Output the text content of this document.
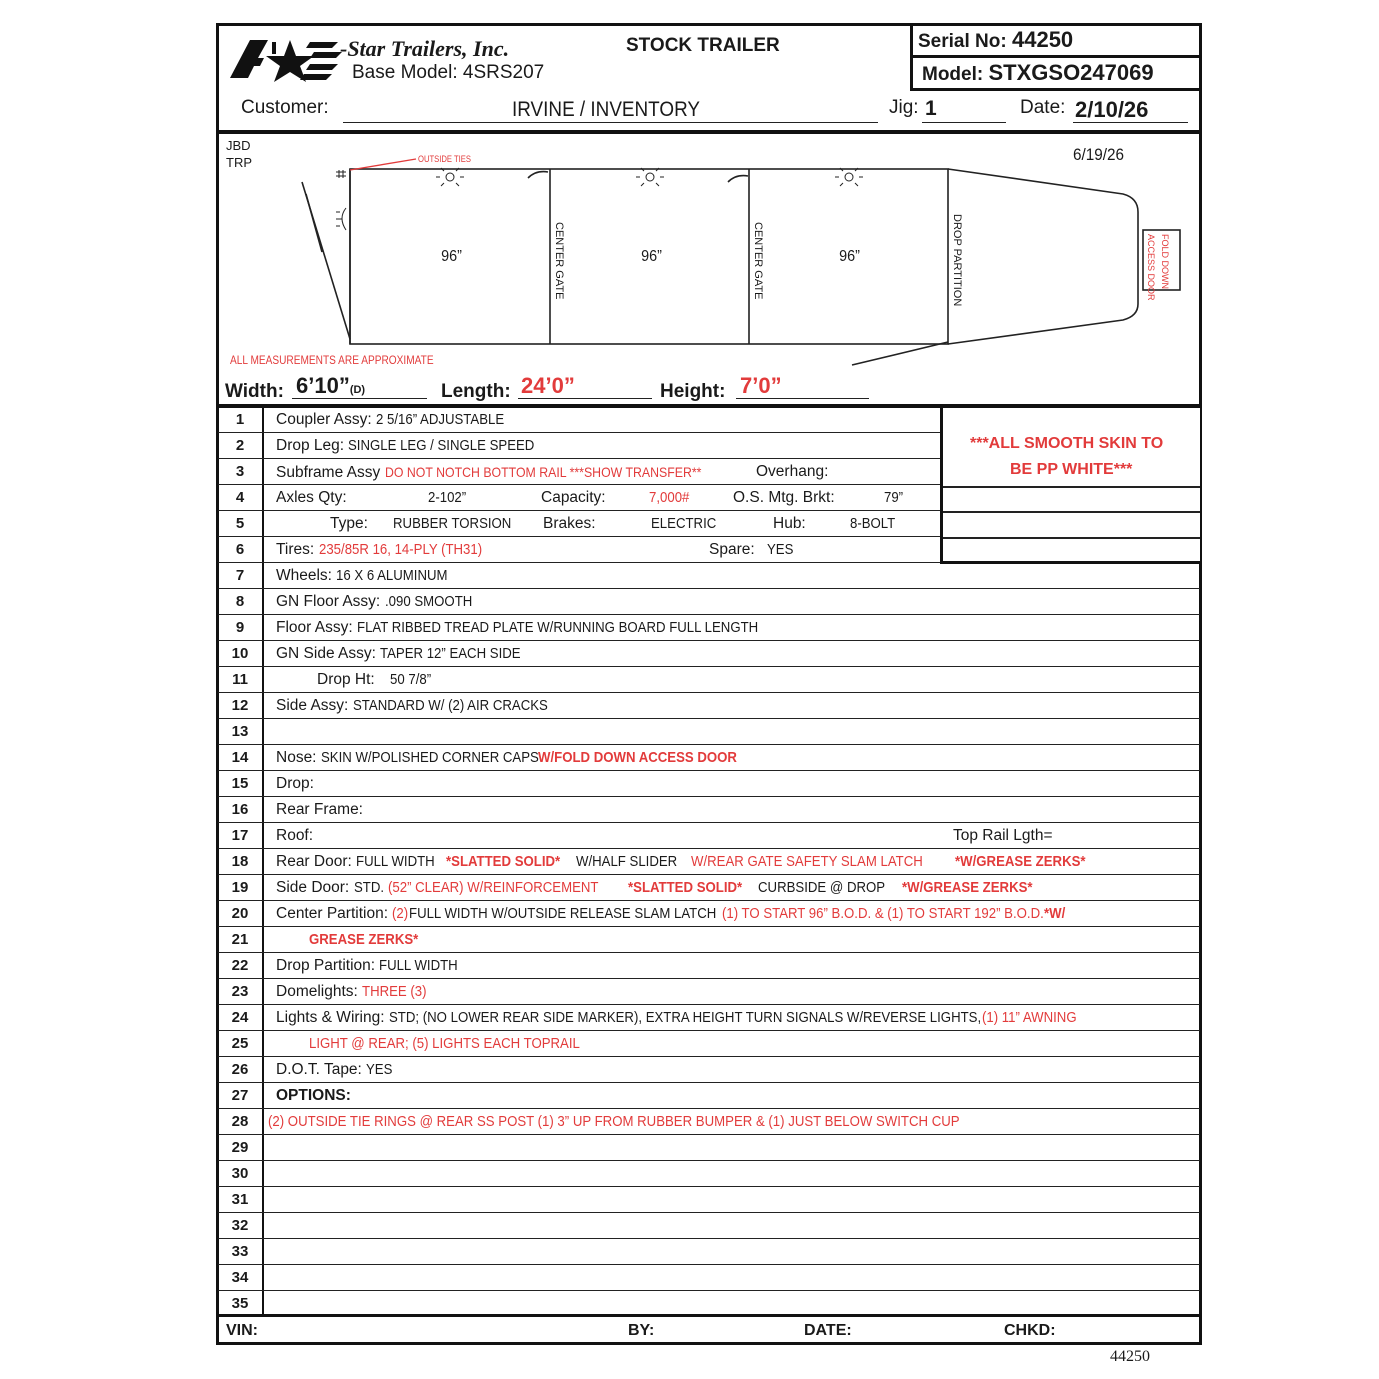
-Star Trailers, Inc.
Base Model: 4SRS207
STOCK TRAILER	Serial No: 44250
Model: STXGSO247069
Customer:	IRVINE / INVENTORY	Jig: 1	Date: 2/10/26
JBD
TRP	6/19/26
OUTSIDE TIES
96”	96”	96”
CENTER GATE	CENTER GATE	DROP PARTITION	FOLD DOWN
ACCESS DOOR
ALL MEASUREMENTS ARE APPROXIMATE
Width: 6’10”(D)	Length: 24’0”	Height: 7’0”
1	Coupler Assy: 2 5/16” ADJUSTABLE
2	Drop Leg: SINGLE LEG / SINGLE SPEED
3	Subframe Assy DO NOT NOTCH BOTTOM RAIL ***SHOW TRANSFER**	Overhang:
4	Axles Qty:	2-102”	Capacity:	7,000#	O.S. Mtg. Brkt:	79”
5	Type: RUBBER TORSION Brakes:	ELECTRIC	Hub:	8-BOLT
6	Tires: 235/85R 16, 14-PLY (TH31)	Spare: YES
7	Wheels: 16 X 6 ALUMINUM
8	GN Floor Assy: .090 SMOOTH
9	Floor Assy: FLAT RIBBED TREAD PLATE W/RUNNING BOARD FULL LENGTH
10	GN Side Assy: TAPER 12” EACH SIDE
11	Drop Ht: 50 7/8”
12	Side Assy: STANDARD W/ (2) AIR CRACKS
13
14	Nose: SKIN W/POLISHED CORNER CAPSW/FOLD DOWN ACCESS DOOR
15	Drop:
16	Rear Frame:
17	Roof:	Top Rail Lgth=
18	Rear Door: FULL WIDTH *SLATTED SOLID* W/HALF SLIDER W/REAR GATE SAFETY SLAM LATCH *W/GREASE ZERKS*
19	Side Door: STD. (52” CLEAR) W/REINFORCEMENT *SLATTED SOLID* CURBSIDE @ DROP *W/GREASE ZERKS*
20	Center Partition: (2)FULL WIDTH W/OUTSIDE RELEASE SLAM LATCH (1) TO START 96” B.O.D. & (1) TO START 192” B.O.D.*W/
21	GREASE ZERKS*
22	Drop Partition: FULL WIDTH
23	Domelights: THREE (3)
24	Lights & Wiring: STD; (NO LOWER REAR SIDE MARKER), EXTRA HEIGHT TURN SIGNALS W/REVERSE LIGHTS,(1) 11” AWNING
25	LIGHT @ REAR; (5) LIGHTS EACH TOPRAIL
26	D.O.T. Tape: YES
27	OPTIONS:
28	(2) OUTSIDE TIE RINGS @ REAR SS POST (1) 3” UP FROM RUBBER BUMPER & (1) JUST BELOW SWITCH CUP
29
30
31
32
33
34
35
***ALL SMOOTH SKIN TO
BE PP WHITE***
VIN:	BY:	DATE:	CHKD:
44250
